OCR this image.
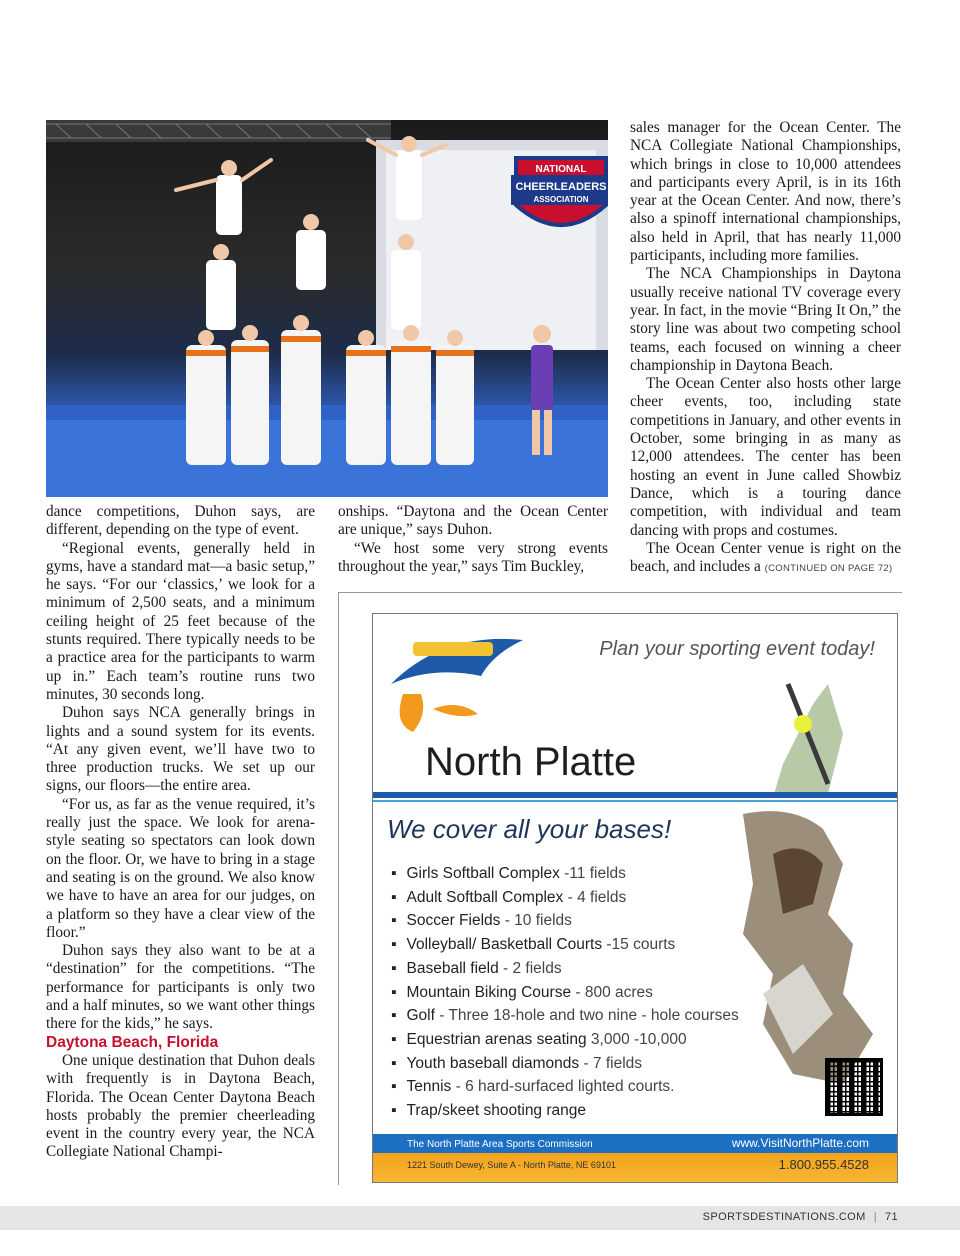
NATIONAL
CHEERLEADERS
ASSOCIATION

dance competitions, Duhon says, are different, depending on the type of event.

“Regional events, generally held in gyms, have a standard mat—a basic setup,” he says. “For our ‘classics,’ we look for a minimum of 2,500 seats, and a minimum ceiling height of 25 feet because of the stunts required. There typically needs to be a practice area for the participants to warm up in.” Each team’s routine runs two minutes, 30 seconds long.

Duhon says NCA generally brings in lights and a sound system for its events. “At any given event, we’ll have two to three production trucks. We set up our signs, our floors—the entire area.

“For us, as far as the venue required, it’s really just the space. We look for arena-style seating so spectators can look down on the floor. Or, we have to bring in a stage and seating is on the ground. We also know we have to have an area for our judges, on a platform so they have a clear view of the floor.”

Duhon says they also want to be at a “destination” for the competitions. “The performance for participants is only two and a half minutes, so we want other things there for the kids,” he says.

Daytona Beach, Florida

One unique destination that Duhon deals with frequently is in Daytona Beach, Florida. The Ocean Center Daytona Beach hosts probably the premier cheerleading event in the country every year, the NCA Collegiate National Champi-

onships. “Daytona and the Ocean Center are unique,” says Duhon.

“We host some very strong events throughout the year,” says Tim Buckley,

sales manager for the Ocean Center. The NCA Collegiate National Championships, which brings in close to 10,000 attendees and participants every April, is in its 16th year at the Ocean Center. And now, there’s also a spinoff international championships, also held in April, that has nearly 11,000 participants, including more families.

The NCA Championships in Daytona usually receive national TV coverage every year. In fact, in the movie “Bring It On,” the story line was about two competing school teams, each focused on winning a cheer championship in Daytona Beach.

The Ocean Center also hosts other large cheer events, too, including state competitions in January, and other events in October, some bringing in as many as 12,000 attendees. The center has been hosting an event in June called Showbiz Dance, which is a touring dance competition, with individual and team dancing with props and costumes.

The Ocean Center venue is right on the beach, and includes a (CONTINUED ON PAGE 72)

Plan your sporting event today!
North Platte
We cover all your bases!
▪ Girls Softball Complex -11 fields
▪ Adult Softball Complex - 4 fields
▪ Soccer Fields - 10 fields
▪ Volleyball/ Basketball Courts -15 courts
▪ Baseball field - 2 fields
▪ Mountain Biking Course - 800 acres
▪ Golf - Three 18-hole and two nine - hole courses
▪ Equestrian arenas seating 3,000 -10,000
▪ Youth baseball diamonds - 7 fields
▪ Tennis - 6 hard-surfaced lighted courts.
▪ Trap/skeet shooting range
The North Platte Area Sports Commission
1221 South Dewey, Suite A - North Platte, NE 69101
www.VisitNorthPlatte.com
1.800.955.4528
SPORTSDESTINATIONS.COM | 71
